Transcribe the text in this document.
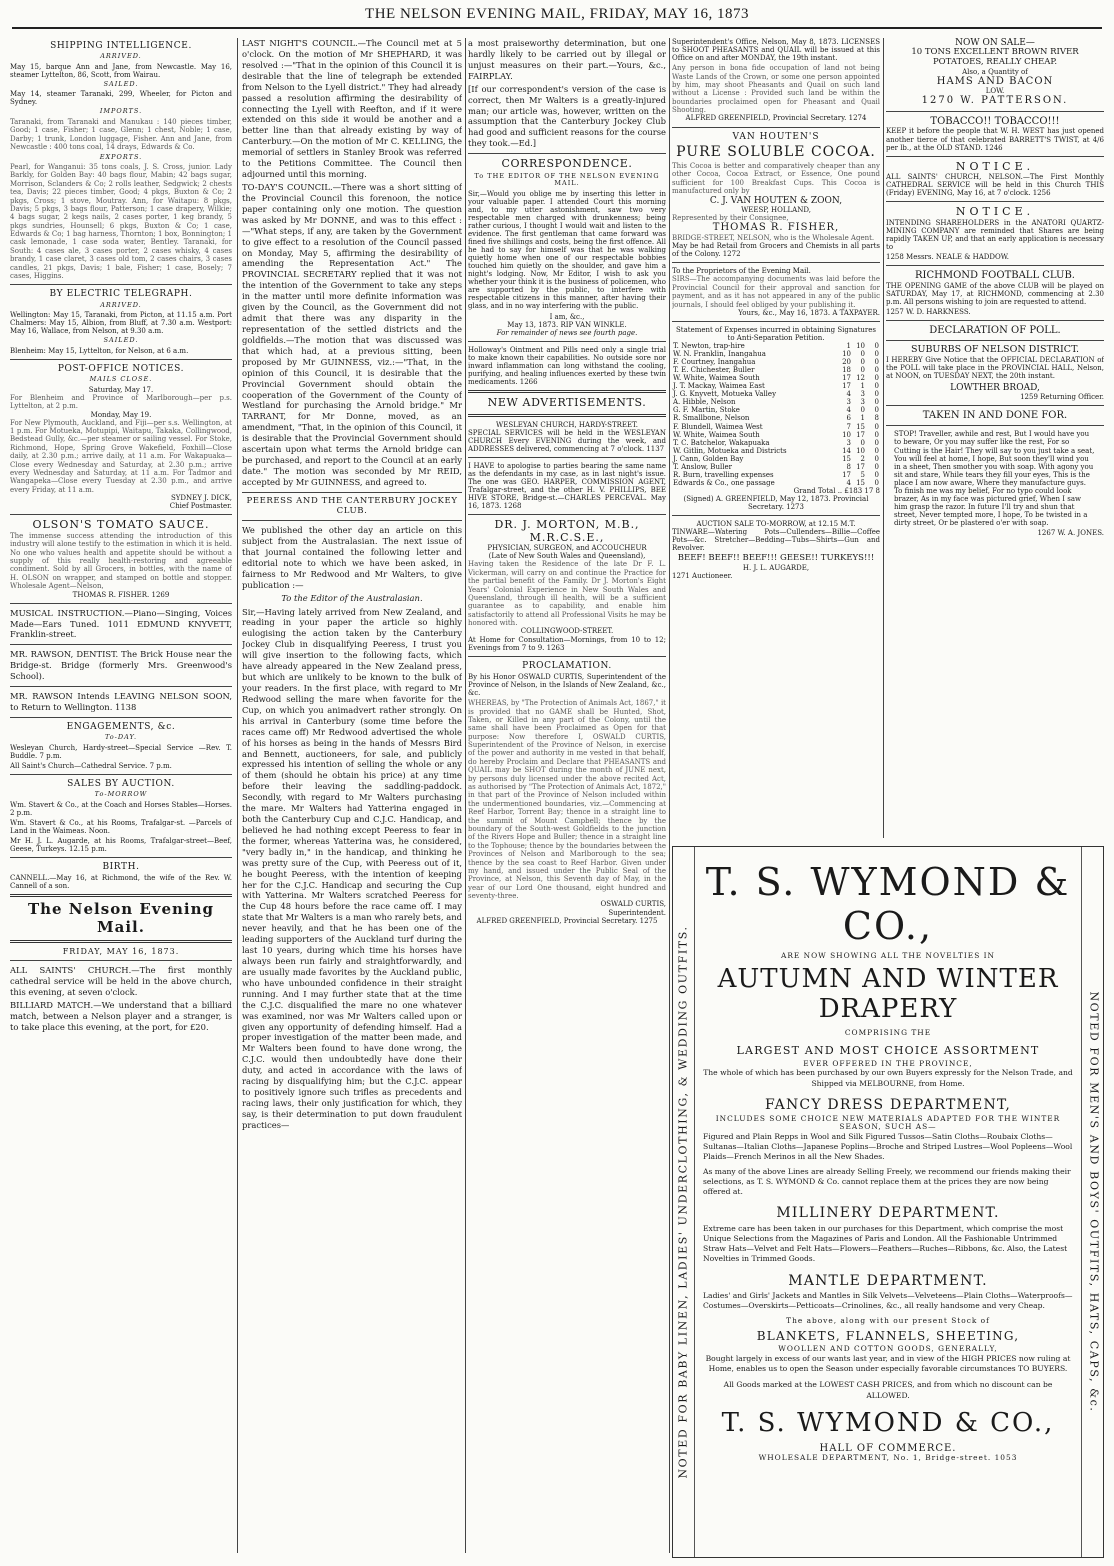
THE NELSON EVENING MAIL, FRIDAY, MAY 16, 1873
SHIPPING INTELLIGENCE.
ARRIVED.

May 15, barque Ann and Jane, from Newcastle. May 16, steamer Lyttelton, 86, Scott, from Wairau.

SAILED.

May 14, steamer Taranaki, 299, Wheeler, for Picton and Sydney.

IMPORTS.
Taranaki, from Taranaki and Manukau : 140 pieces timber, Good; 1 case, Fisher; 1 case, Glenn; 1 chest, Noble; 1 case, Darby; 1 trunk, London luggage, Fisher. Ann and Jane, from Newcastle : 400 tons coal, 14 drays, Edwards & Co.
EXPORTS.
Pearl, for Wanganui: 35 tons coals, J. S. Cross, junior. Lady Barkly, for Golden Bay: 40 bags flour, Mabin; 42 bags sugar, Morrison, Sclanders & Co; 2 rolls leather, Sedgwick; 2 chests tea, Davis; 22 pieces timber, Good; 4 pkgs, Buxton & Co; 2 pkgs, Cross; 1 stove, Moutray. Ann, for Waitapu: 8 pkgs, Davis; 5 pkgs, 3 bags flour, Patterson; 1 case drapery, Wilkie; 4 bags sugar, 2 kegs nails, 2 cases porter, 1 keg brandy, 5 pkgs sundries, Hounsell; 6 pkgs, Buxton & Co; 1 case, Edwards & Co; 1 bag harness, Thornton; 1 box, Bonnington; 1 cask lemonade, 1 case soda water, Bentley. Taranaki, for South: 4 cases ale, 3 cases porter, 2 cases whisky, 4 cases brandy, 1 case claret, 3 cases old tom, 2 cases chairs, 3 cases candles, 21 pkgs, Davis; 1 bale, Fisher; 1 case, Bosely; 7 cases, Higgins.
BY ELECTRIC TELEGRAPH.
ARRIVED.

Wellington: May 15, Taranaki, from Picton, at 11.15 a.m. Port Chalmers: May 15, Albion, from Bluff, at 7.30 a.m. Westport: May 16, Wallace, from Nelson, at 9.30 a.m.

SAILED.

Blenheim: May 15, Lyttelton, for Nelson, at 6 a.m.

POST-OFFICE NOTICES.
MAILS CLOSE.
Saturday, May 17.
For Blenheim and Province of Marlborough—per p.s. Lyttelton, at 2 p.m.
Monday, May 19.
For New Plymouth, Auckland, and Fiji—per s.s. Wellington, at 1 p.m. For Motueka, Motupipi, Waitapu, Takaka, Collingwood, Bedstead Gully, &c.—per steamer or sailing vessel. For Stoke, Richmond, Hope, Spring Grove Wakefield, Foxhill—Close daily, at 2.30 p.m.; arrive daily, at 11 a.m. For Wakapuaka—Close every Wednesday and Saturday, at 2.30 p.m.; arrive every Wednesday and Saturday, at 11 a.m. For Tadmor and Wangapeka—Close every Tuesday at 2.30 p.m., and arrive every Friday, at 11 a.m.
SYDNEY J. DICK,
Chief Postmaster.
OLSON'S TOMATO SAUCE.
The immense success attending the introduction of this industry will alone testify to the estimation in which it is held. No one who values health and appetite should be without a supply of this really health-restoring and agreeable condiment. Sold by all Grocers, in bottles, with the name of H. OLSON on wrapper, and stamped on bottle and stopper. Wholesale Agent—Nelson,
THOMAS R. FISHER. 1269

MUSICAL INSTRUCTION.—Piano—Singing, Voices Made—Ears Tuned. 1011 EDMUND KNYVETT, Franklin-street.

MR. RAWSON, DENTIST. The Brick House near the Bridge-st. Bridge (formerly Mrs. Greenwood's School).

MR. RAWSON Intends LEAVING NELSON SOON, to Return to Wellington. 1138

ENGAGEMENTS, &c.
To-DAY.

Wesleyan Church, Hardy-street—Special Service —Rev. T. Buddle. 7 p.m.

All Saint's Church—Cathedral Service. 7 p.m.

SALES BY AUCTION.
To-MORROW

Wm. Stavert & Co., at the Coach and Horses Stables—Horses. 2 p.m.

Wm. Stavert & Co., at his Rooms, Trafalgar-st. —Parcels of Land in the Waimeas. Noon.

Mr H. J. L. Augarde, at his Rooms, Trafalgar-street—Beef, Geese, Turkeys. 12.15 p.m.

BIRTH.

CANNELL.—May 16, at Richmond, the wife of the Rev. W. Cannell of a son.

The Nelson Evening Mail.
FRIDAY, MAY 16, 1873.

ALL SAINTS' CHURCH.—The first monthly cathedral service will be held in the above church, this evening, at seven o'clock.

BILLIARD MATCH.—We understand that a billiard match, between a Nelson player and a stranger, is to take place this evening, at the port, for £20.

LAST NIGHT'S COUNCIL.—The Council met at 5 o'clock. On the motion of Mr SHEPHARD, it was resolved :—"That in the opinion of this Council it is desirable that the line of telegraph be extended from Nelson to the Lyell district." They had already passed a resolution affirming the desirability of connecting the Lyell with Reefton, and if it were extended on this side it would be another and a better line than that already existing by way of Canterbury.—On the motion of Mr C. KELLING, the memorial of settlers in Stanley Brook was referred to the Petitions Committee. The Council then adjourned until this morning.

TO-DAY'S COUNCIL.—There was a short sitting of the Provincial Council this forenoon, the notice paper containing only one motion. The question was asked by Mr DONNE, and was to this effect :—"What steps, if any, are taken by the Government to give effect to a resolution of the Council passed on Monday, May 5, affirming the desirability of amending the Representation Act." The PROVINCIAL SECRETARY replied that it was not the intention of the Government to take any steps in the matter until more definite information was given by the Council, as the Government did not admit that there was any disparity in the representation of the settled districts and the goldfields.—The motion that was discussed was that which had, at a previous sitting, been proposed by Mr GUINNESS, viz.:—"That, in the opinion of this Council, it is desirable that the Provincial Government should obtain the cooperation of the Government of the County of Westland for purchasing the Arnold bridge." Mr TARRANT, for Mr Donne, moved, as an amendment, "That, in the opinion of this Council, it is desirable that the Provincial Government should ascertain upon what terms the Arnold bridge can be purchased, and report to the Council at an early date." The motion was seconded by Mr REID, accepted by Mr GUINNESS, and agreed to.

PEERESS AND THE CANTERBURY JOCKEY CLUB.

We published the other day an article on this subject from the Australasian. The next issue of that journal contained the following letter and editorial note to which we have been asked, in fairness to Mr Redwood and Mr Walters, to give publication :—

To the Editor of the Australasian.

Sir,—Having lately arrived from New Zealand, and reading in your paper the article so highly eulogising the action taken by the Canterbury Jockey Club in disqualifying Peeress, I trust you will give insertion to the following facts, which have already appeared in the New Zealand press, but which are unlikely to be known to the bulk of your readers. In the first place, with regard to Mr Redwood selling the mare when favorite for the Cup, on which you animadvert rather strongly. On his arrival in Canterbury (some time before the races came off) Mr Redwood advertised the whole of his horses as being in the hands of Messrs Bird and Bennett, auctioneers, for sale, and publicly expressed his intention of selling the whole or any of them (should he obtain his price) at any time before their leaving the saddling-paddock. Secondly, with regard to Mr Walters purchasing the mare. Mr Walters had Yatterina engaged in both the Canterbury Cup and C.J.C. Handicap, and believed he had nothing except Peeress to fear in the former, whereas Yatterina was, he considered, "very badly in," in the handicap, and thinking he was pretty sure of the Cup, with Peeress out of it, he bought Peeress, with the intention of keeping her for the C.J.C. Handicap and securing the Cup with Yatterina. Mr Walters scratched Peeress for the Cup 48 hours before the race came off. I may state that Mr Walters is a man who rarely bets, and never heavily, and that he has been one of the leading supporters of the Auckland turf during the last 10 years, during which time his horses have always been run fairly and straightforwardly, and are usually made favorites by the Auckland public, who have unbounded confidence in their straight running. And I may further state that at the time the C.J.C. disqualified the mare no one whatever was examined, nor was Mr Walters called upon or given any opportunity of defending himself. Had a proper investigation of the matter been made, and Mr Walters been found to have done wrong, the C.J.C. would then undoubtedly have done their duty, and acted in accordance with the laws of racing by disqualifying him; but the C.J.C. appear to positively ignore such trifles as precedents and racing laws, their only justification for which, they say, is their determination to put down fraudulent practices—

a most praiseworthy determination, but one hardly likely to be carried out by illegal or unjust measures on their part.—Yours, &c., FAIRPLAY.

[If our correspondent's version of the case is correct, then Mr Walters is a greatly-injured man; our article was, however, written on the assumption that the Canterbury Jockey Club had good and sufficient reasons for the course they took.—Ed.]

CORRESPONDENCE.
To THE EDITOR OF THE NELSON EVENING MAIL.

Sir,—Would you oblige me by inserting this letter in your valuable paper. I attended Court this morning and, to my utter astonishment, saw two very respectable men charged with drunkenness; being rather curious, I thought I would wait and listen to the evidence. The first gentleman that came forward was fined five shillings and costs, being the first offence. All he had to say for himself was that he was walking quietly home when one of our respectable bobbies touched him quietly on the shoulder, and gave him a night's lodging. Now, Mr Editor, I wish to ask you whether your think it is the business of policemen, who are supported by the public, to interfere with respectable citizens in this manner, after having their glass, and in no way interfering with the public.

I am, &c.,
May 13, 1873. RIP VAN WINKLE.
For remainder of news see fourth page.

Holloway's Ointment and Pills need only a single trial to make known their capabilities. No outside sore nor inward inflammation can long withstand the cooling, purifying, and healing influences exerted by these twin medicaments. 1266

NEW ADVERTISEMENTS.
WESLEYAN CHURCH, HARDY-STREET.

SPECIAL SERVICES will be held in the WESLEYAN CHURCH Every EVENING during the week, and ADDRESSES delivered, commencing at 7 o'clock. 1137

I HAVE to apologise to parties bearing the same name as the defendants in my case, as in last night's issue. The one was GEO. HARPER, COMMISSION AGENT, Trafalgar-street, and the other H. V. PHILLIPS, BEE HIVE STORE, Bridge-st.—CHARLES PERCEVAL. May 16, 1873. 1268

DR. J. MORTON, M.B., M.R.C.S.E.,
PHYSICIAN, SURGEON, and ACCOUCHEUR
(Late of New South Wales and Queensland),
Having taken the Residence of the late Dr F. L. Vickerman, will carry on and continue the Practice for the partial benefit of the Family. Dr J. Morton's Eight Years' Colonial Experience in New South Wales and Queensland, through ill health, will be a sufficient guarantee as to capability, and enable him satisfactorily to attend all Professional Visits he may be honored with.
COLLINGWOOD-STREET.

At Home for Consultation—Mornings, from 10 to 12; Evenings from 7 to 9. 1263

PROCLAMATION.

By his Honor OSWALD CURTIS, Superintendent of the Province of Nelson, in the Islands of New Zealand, &c., &c.

WHEREAS, by "The Protection of Animals Act, 1867," it is provided that no GAME shall be Hunted, Shot, Taken, or Killed in any part of the Colony, until the same shall have been Proclaimed as Open for that purpose: Now therefore I, OSWALD CURTIS, Superintendent of the Province of Nelson, in exercise of the power and authority in me vested in that behalf, do hereby Proclaim and Declare that PHEASANTS and QUAIL may be SHOT during the month of JUNE next, by persons duly licensed under the above recited Act, as authorised by "The Protection of Animals Act, 1872," in that part of the Province of Nelson included within the undermentioned boundaries, viz.—Commencing at Reef Harbor, Torrent Bay; thence in a straight line to the summit of Mount Campbell; thence by the boundary of the South-west Goldfields to the junction of the Rivers Hope and Buller; thence in a straight line to the Tophouse; thence by the boundaries between the Provinces of Nelson and Marlborough to the sea; thence by the sea coast to Reef Harbor. Given under my hand, and issued under the Public Seal of the Province, at Nelson, this Seventh day of May, in the year of our Lord One thousand, eight hundred and seventy-three.
OSWALD CURTIS,
Superintendent.
ALFRED GREENFIELD, Provincial Secretary. 1275

Superintendent's Office, Nelson, May 8, 1873. LICENSES to SHOOT PHEASANTS and QUAIL will be issued at this Office on and after MONDAY, the 19th instant.

Any person in bona fide occupation of land not being Waste Lands of the Crown, or some one person appointed by him, may shoot Pheasants and Quail on such land without a License : Provided such land be within the boundaries proclaimed open for Pheasant and Quail Shooting.
ALFRED GREENFIELD, Provincial Secretary. 1274
VAN HOUTEN'S
PURE SOLUBLE COCOA.
This Cocoa is better and comparatively cheaper than any other Cocoa, Cocoa Extract, or Essence, One pound sufficient for 100 Breakfast Cups. This Cocoa is manufactured only by
C. J. VAN HOUTEN & ZOON,
WEESP, HOLLAND,
Represented by their Consignee,
THOMAS R. FISHER,
BRIDGE-STREET, NELSON, who is the Wholesale Agent.

May be had Retail from Grocers and Chemists in all parts of the Colony. 1272

To the Proprietors of the Evening Mail.
SIRS—The accompanying documents was laid before the Provincial Council for their approval and sanction for payment, and as it has not appeared in any of the public journals, I should feel obliged by your publishing it.
Yours, &c., May 16, 1873. A TAXPAYER.
Statement of Expenses incurred in obtaining Signatures to Anti-Separation Petition.
T. Newton, trap-hire	1	10	0
W. N. Franklin, Inangahua	10	0	0
F. Courtney, Inangahua	20	0	0
T. E. Chichester, Buller	18	0	0
W. White, Waimea South	17	12	0
J. T. Mackay, Waimea East	17	1	0
J. G. Knyvett, Motueka Valley	4	3	0
A. Hibble, Nelson	3	3	0
G. F. Martin, Stoke	4	0	0
R. Smallbone, Nelson	6	1	8
F. Blundell, Waimea West	7	15	0
W. White, Waimea South	10	17	0
T. C. Batchelor, Wakapuaka	3	0	0
W. Gitlin, Motueka and Districts	14	10	0
J. Cann, Golden Bay	15	2	0
T. Anslow, Buller	8	17	0
R. Burn, travelling expenses	17	5	0
Edwards & Co., one passage	4	15	0
Grand Total .. £183 17 8
(Signed) A. GREENFIELD, May 12, 1873. Provincial Secretary. 1273
AUCTION SALE TO-MORROW, at 12.15 M.T.

TINWARE—Watering Pots—Cullenders—Billie—Coffee Pots—&c. Stretcher—Bedding—Tubs—Shirts—Gun and Revolver.

BEEF! BEEF!! BEEF!!! GEESE!! TURKEYS!!!
H. J. L. AUGARDE,
1271 Auctioneer.
NOW ON SALE—
10 TONS EXCELLENT BROWN RIVER POTATOES, REALLY CHEAP.
Also, a Quantity of
HAMS AND BACON
LOW.
1270 W. PATTERSON.
TOBACCO!! TOBACCO!!!

KEEP it before the people that W. H. WEST has just opened another tierce of that celebrated BARRETT'S TWIST, at 4/6 per lb., at the OLD STAND. 1246

NOTICE.

ALL SAINTS' CHURCH, NELSON.—The First Monthly CATHEDRAL SERVICE will be held in this Church THIS (Friday) EVENING, May 16, at 7 o'clock. 1256

NOTICE.

INTENDING SHAREHOLDERS in the ANATORI QUARTZ-MINING COMPANY are reminded that Shares are being rapidly TAKEN UP, and that an early application is necessary to

1258 Messrs. NEALE & HADDOW.
RICHMOND FOOTBALL CLUB.

THE OPENING GAME of the above CLUB will be played on SATURDAY, May 17, at RICHMOND, commencing at 2.30 p.m. All persons wishing to join are requested to attend.

1257 W. D. HARKNESS.
DECLARATION OF POLL.
SUBURBS OF NELSON DISTRICT.

I HEREBY Give Notice that the OFFICIAL DECLARATION of the POLL will take place in the PROVINCIAL HALL, Nelson, at NOON, on TUESDAY NEXT, the 20th instant.

LOWTHER BROAD,
1259 Returning Officer.
TAKEN IN AND DONE FOR.

STOP! Traveller, awhile and rest, But I would have you to beware, Or you may suffer like the rest, For so Cutting is the Hair! They will say to you just take a seat, You will feel at home, I hope, But soon they'll wind you in a sheet, Then smother you with soap. With agony you sit and stare, While tears they fill your eyes, This is the place I am now aware, Where they manufacture guys. To finish me was my belief, For no typo could look brazer, As in my face was pictured grief, When I saw him grasp the razor. In future I'll try and shun that street, Never tempted more, I hope, To be twisted in a dirty street, Or be plastered o'er with soap.

1267 W. A. JONES.
NOTED FOR BABY LINEN, LADIES' UNDERCLOTHING, & WEDDING OUTFITS.	NOTED FOR MEN'S AND BOYS' OUTFITS, HATS, CAPS, &c.
T. S. WYMOND & CO.,
ARE NOW SHOWING ALL THE NOVELTIES IN
AUTUMN AND WINTER DRAPERY
COMPRISING THE
LARGEST AND MOST CHOICE ASSORTMENT
EVER OFFERED IN THE PROVINCE,
The whole of which has been purchased by our own Buyers expressly for the Nelson Trade, and Shipped via MELBOURNE, from Home.
FANCY DRESS DEPARTMENT,
INCLUDES SOME CHOICE NEW MATERIALS ADAPTED FOR THE WINTER SEASON, SUCH AS—
Figured and Plain Repps in Wool and Silk Figured Tussos—Satin Cloths—Roubaix Cloths—Sultanas—Italian Cloths—Japanese Poplins—Broche and Striped Lustres—Wool Popleens—Wool Plaids—French Merinos in all the New Shades.
As many of the above Lines are already Selling Freely, we recommend our friends making their selections, as T. S. WYMOND & Co. cannot replace them at the prices they are now being offered at.
MILLINERY DEPARTMENT.
Extreme care has been taken in our purchases for this Department, which comprise the most Unique Selections from the Magazines of Paris and London. All the Fashionable Untrimmed Straw Hats—Velvet and Felt Hats—Flowers—Feathers—Ruches—Ribbons, &c. Also, the Latest Novelties in Trimmed Goods.
MANTLE DEPARTMENT.
Ladies' and Girls' Jackets and Mantles in Silk Velvets—Velveteens—Plain Cloths—Waterproofs—Costumes—Overskirts—Petticoats—Crinolines, &c., all really handsome and very Cheap.
The above, along with our present Stock of
BLANKETS, FLANNELS, SHEETING,
WOOLLEN AND COTTON GOODS, GENERALLY,
Bought largely in excess of our wants last year, and in view of the HIGH PRICES now ruling at Home, enables us to open the Season under especially favorable circumstances TO BUYERS.
All Goods marked at the LOWEST CASH PRICES, and from which no discount can be ALLOWED.
T. S. WYMOND & CO.,
HALL OF COMMERCE.
WHOLESALE DEPARTMENT, No. 1, Bridge-street. 1053
